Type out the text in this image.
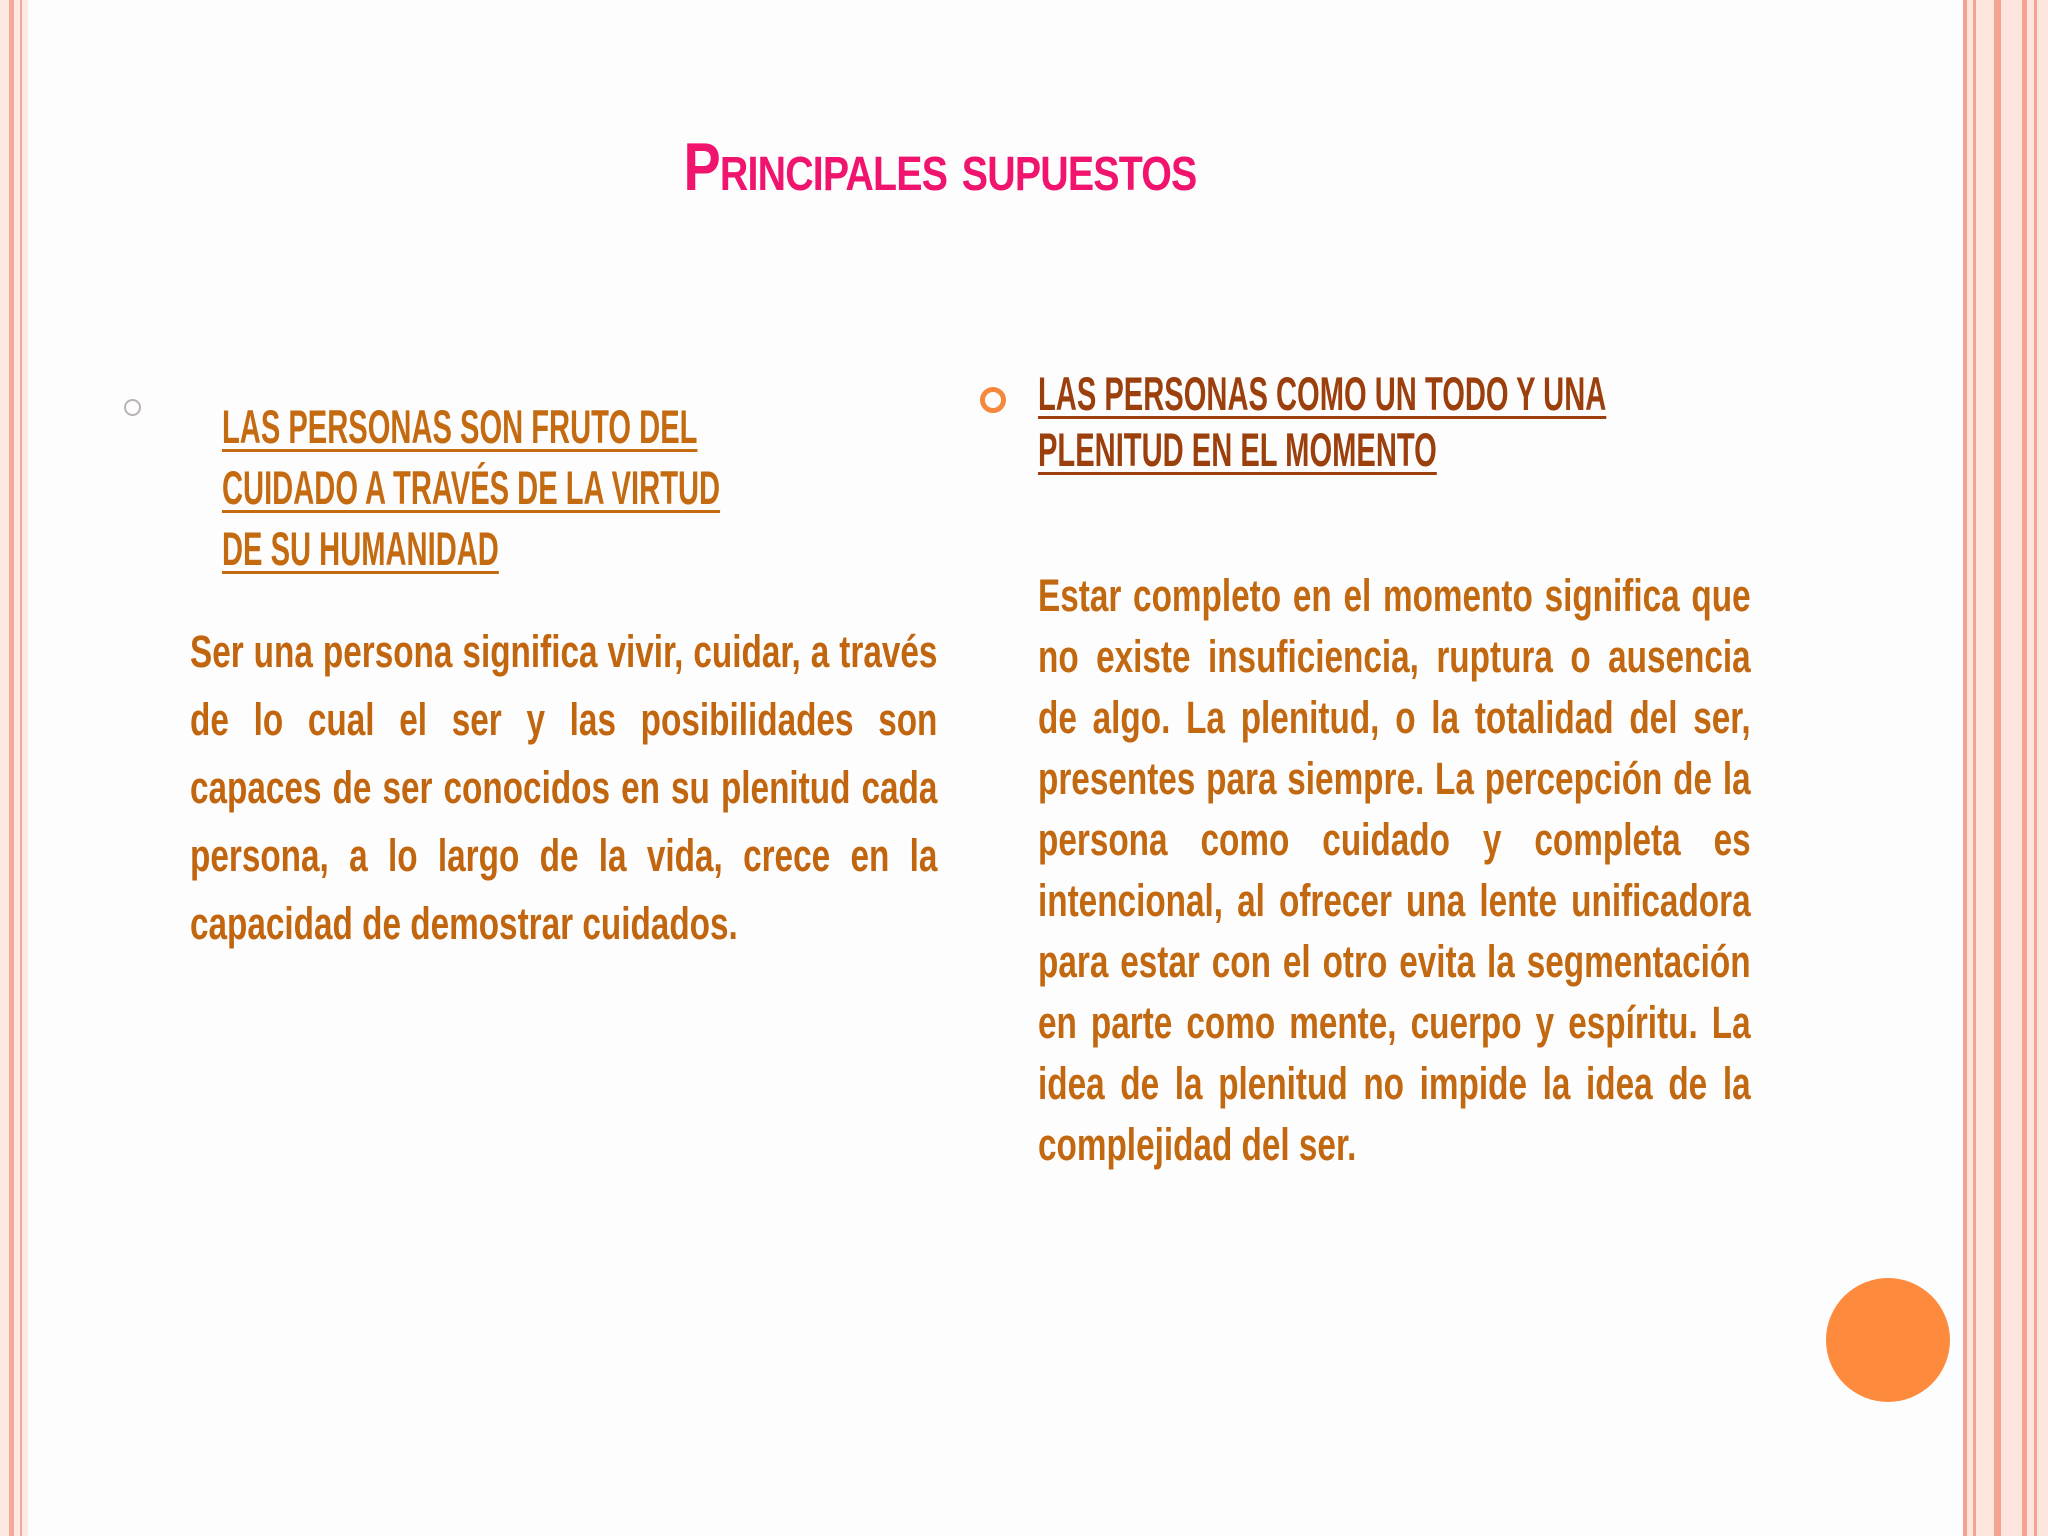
Principales supuestos
LAS PERSONAS SON FRUTO DEL CUIDADO A TRAVÉS DE LA VIRTUD DE SU HUMANIDAD
Ser una persona significa vivir, cuidar, a través de lo cual el ser y las posibilidades son capaces de ser conocidos en su plenitud cada persona, a lo largo de la vida, crece en la capacidad de demostrar cuidados.
LAS PERSONAS COMO UN TODO Y UNA PLENITUD EN EL MOMENTO
Estar completo en el momento significa que no existe insuficiencia, ruptura o ausencia de algo. La plenitud, o la totalidad del ser, presentes para siempre. La percepción de la persona como cuidado y completa es intencional, al ofrecer una lente unificadora para estar con el otro evita la segmentación en parte como mente, cuerpo y espíritu. La idea de la plenitud no impide la idea de la complejidad del ser.
